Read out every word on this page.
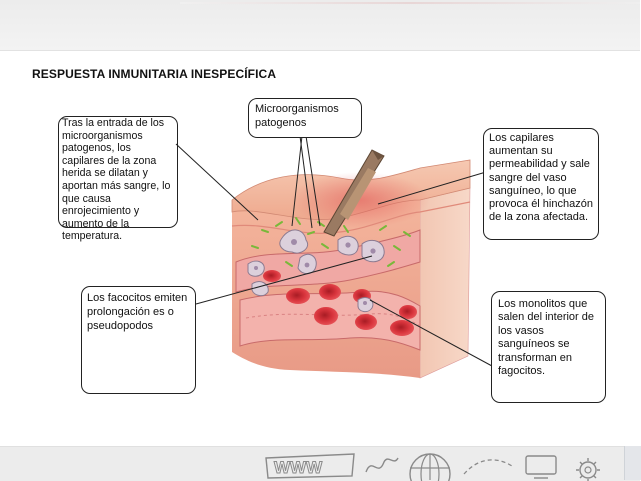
RESPUESTA INMUNITARIA INESPECÍFICA
Tras la entrada de los microorganismos patogenos, los capilares de la zona herida se dilatan y aportan más sangre, lo que causa enrojecimiento y aumento de la temperatura.
Microorganismos patogenos
Los capilares aumentan su permeabilidad y sale sangre del vaso sanguíneo, lo que provoca él hinchazón de la zona afectada.
Los facocitos emiten prolongación es o pseudopodos
Los monolitos que salen del interior de los vasos sanguíneos se transforman en fagocitos.
WWW
